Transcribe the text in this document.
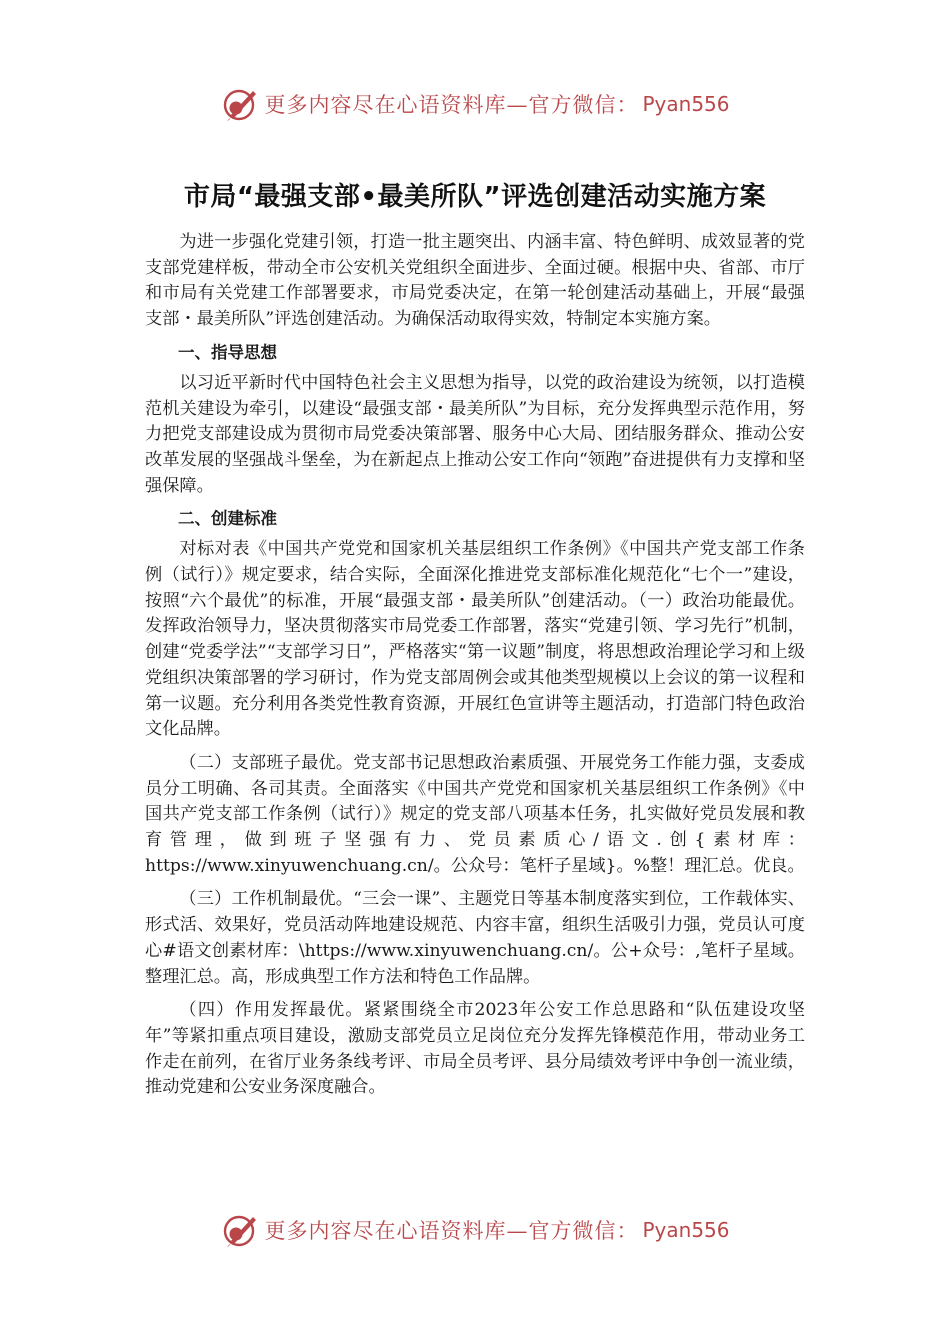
更多内容尽在心语资料库—官方微信： Pyan556
市局“最强支部•最美所队”评选创建活动实施方案

为进一步强化党建引领，打造一批主题突出、内涵丰富、特色鲜明、成效显著的党支部党建样板，带动全市公安机关党组织全面进步、全面过硬。根据中央、省部、市厅和市局有关党建工作部署要求，市局党委决定，在第一轮创建活动基础上，开展“最强支部・最美所队”评选创建活动。为确保活动取得实效，特制定本实施方案。

一、指导思想

以习近平新时代中国特色社会主义思想为指导，以党的政治建设为统领，以打造模范机关建设为牵引，以建设“最强支部・最美所队”为目标，充分发挥典型示范作用，努力把党支部建设成为贯彻市局党委决策部署、服务中心大局、团结服务群众、推动公安改革发展的坚强战斗堡垒，为在新起点上推动公安工作向“领跑”奋进提供有力支撑和坚强保障。

二、创建标准

对标对表《中国共产党党和国家机关基层组织工作条例》《中国共产党支部工作条例（试行）》规定要求，结合实际，全面深化推进党支部标准化规范化“七个一”建设，按照“六个最优”的标准，开展“最强支部・最美所队”创建活动。（一）政治功能最优。发挥政治领导力，坚决贯彻落实市局党委工作部署，落实“党建引领、学习先行”机制，创建“党委学法”“支部学习日”，严格落实“第一议题”制度，将思想政治理论学习和上级党组织决策部署的学习研讨，作为党支部周例会或其他类型规模以上会议的第一议程和第一议题。充分利用各类党性教育资源，开展红色宣讲等主题活动，打造部门特色政治文化品牌。

（二）支部班子最优。党支部书记思想政治素质强、开展党务工作能力强，支委成员分工明确、各司其责。全面落实《中国共产党党和国家机关基层组织工作条例》《中国共产党支部工作条例（试行）》规定的党支部八项基本任务，扎实做好党员发展和教育管理，做到班子坚强有力、党员素质心/语文.创{素材库：https://www.xinyuwenchuang.cn/。公众号：笔杆子星域}。%整！理汇总。优良。

（三）工作机制最优。“三会一课”、主题党日等基本制度落实到位，工作载体实、形式活、效果好，党员活动阵地建设规范、内容丰富，组织生活吸引力强，党员认可度心#语文创素材库：\https://www.xinyuwenchuang.cn/。公+众号：,笔杆子星域。整理汇总。高，形成典型工作方法和特色工作品牌。

（四）作用发挥最优。紧紧围绕全市2023年公安工作总思路和“队伍建设攻坚年”等紧扣重点项目建设，激励支部党员立足岗位充分发挥先锋模范作用，带动业务工作走在前列，在省厅业务条线考评、市局全员考评、县分局绩效考评中争创一流业绩，推动党建和公安业务深度融合。

更多内容尽在心语资料库—官方微信： Pyan556
